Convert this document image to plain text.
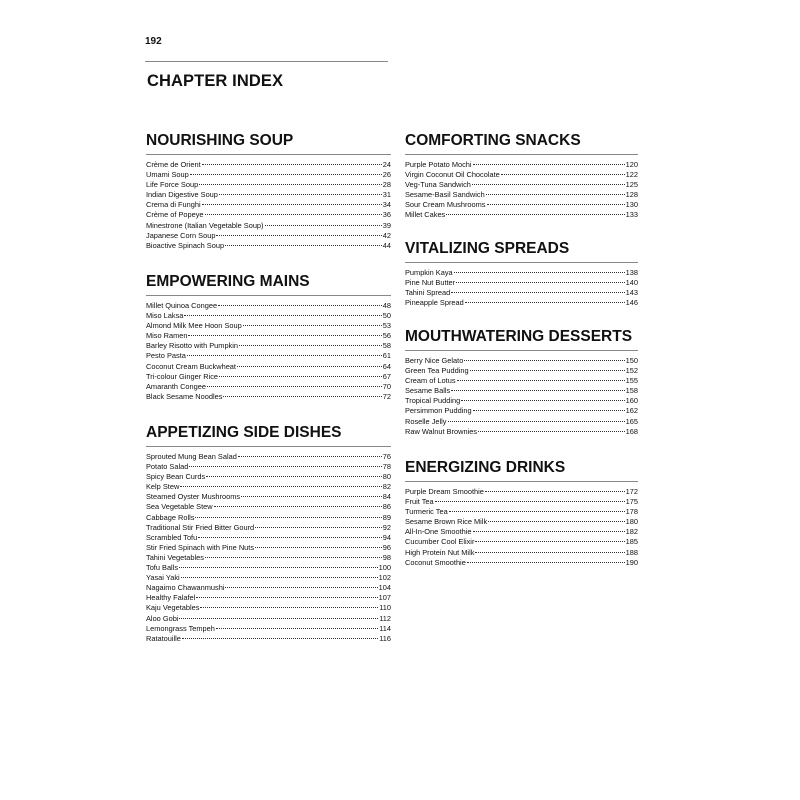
192
CHAPTER INDEX
NOURISHING SOUP
Crème de Orient	24
Umami Soup	26
Life Force Soup	28
Indian Digestive Soup	31
Crema di Funghi	34
Crème of Popeye	36
Minestrone (Italian Vegetable Soup)	39
Japanese Corn Soup	42
Bioactive Spinach Soup	44
EMPOWERING MAINS
Millet Quinoa Congee	48
Miso Laksa	50
Almond Milk Mee Hoon Soup	53
Miso Ramen	56
Barley Risotto with Pumpkin	58
Pesto Pasta	61
Coconut Cream Buckwheat	64
Tri-colour Ginger Rice	67
Amaranth Congee	70
Black Sesame Noodles	72
APPETIZING SIDE DISHES
Sprouted Mung Bean Salad	76
Potato Salad	78
Spicy Bean Curds	80
Kelp Stew	82
Steamed Oyster Mushrooms	84
Sea Vegetable Stew	86
Cabbage Rolls	89
Traditional Stir Fried Bitter Gourd	92
Scrambled Tofu	94
Stir Fried Spinach with Pine Nuts	96
Tahini Vegetables	98
Tofu Balls	100
Yasai Yaki	102
Nagaimo Chawanmushi	104
Healthy Falafel	107
Kaju Vegetables	110
Aloo Gobi	112
Lemongrass Tempeh	114
Ratatouille	116
COMFORTING SNACKS
Purple Potato Mochi	120
Virgin Coconut Oil Chocolate	122
Veg-Tuna Sandwich	125
Sesame-Basil Sandwich	128
Sour Cream Mushrooms	130
Millet Cakes	133
VITALIZING SPREADS
Pumpkin Kaya	138
Pine Nut Butter	140
Tahini Spread	143
Pineapple Spread	146
MOUTHWATERING DESSERTS
Berry Nice Gelato	150
Green Tea Pudding	152
Cream of Lotus	155
Sesame Balls	158
Tropical Pudding	160
Persimmon Pudding	162
Roselle Jelly	165
Raw Walnut Brownies	168
ENERGIZING DRINKS
Purple Dream Smoothie	172
Fruit Tea	175
Turmeric Tea	178
Sesame Brown Rice Milk	180
All-In-One Smoothie	182
Cucumber Cool Elixir	185
High Protein Nut Milk	188
Coconut Smoothie	190
